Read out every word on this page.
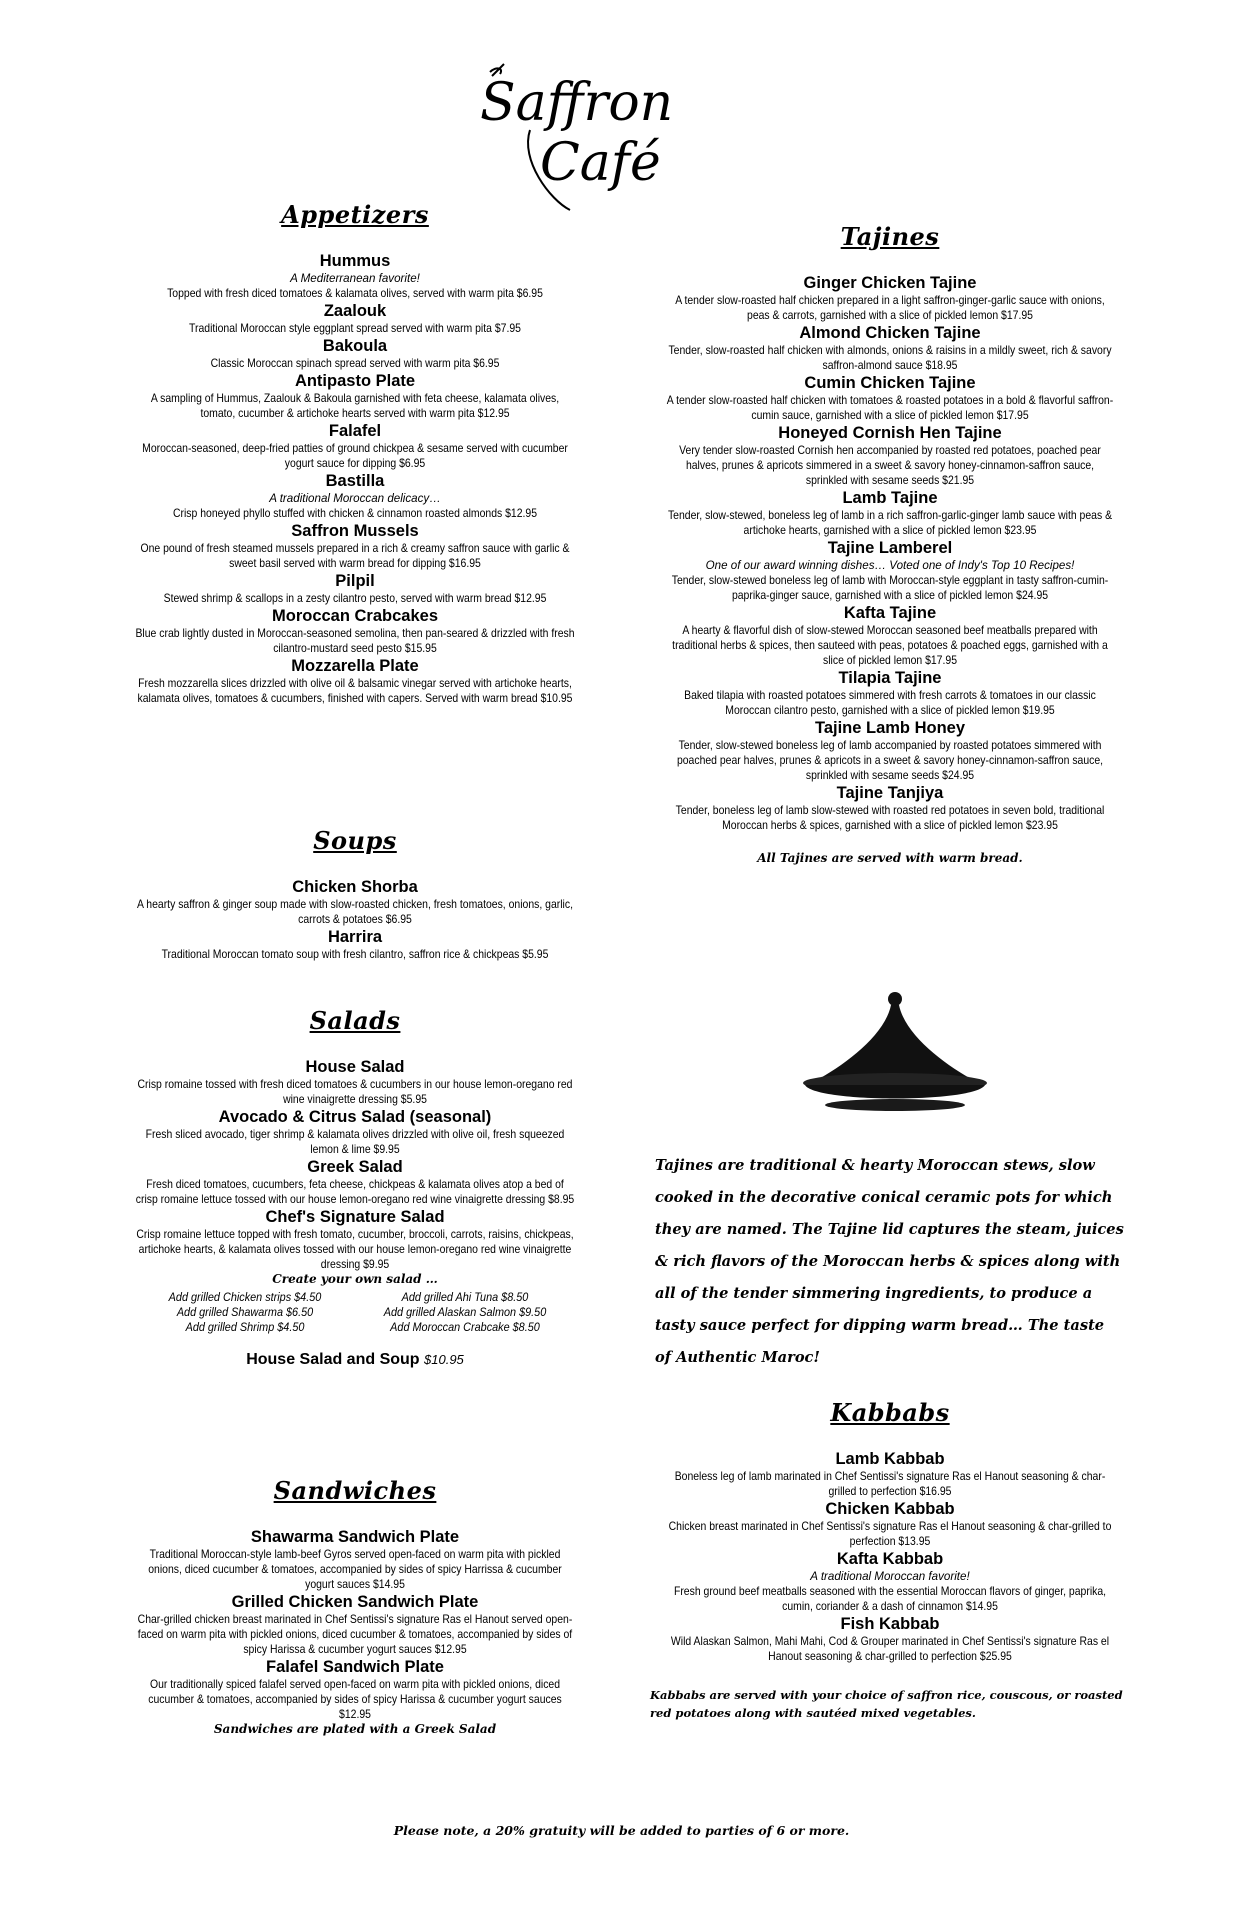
Saffron
Café

Appetizers

Hummus

A Mediterranean favorite!

Topped with fresh diced tomatoes & kalamata olives, served with warm pita $6.95

Zaalouk

Traditional Moroccan style eggplant spread served with warm pita $7.95

Bakoula

Classic Moroccan spinach spread served with warm pita $6.95

Antipasto Plate

A sampling of Hummus, Zaalouk & Bakoula garnished with feta cheese, kalamata olives, tomato, cucumber & artichoke hearts served with warm pita $12.95

Falafel

Moroccan-seasoned, deep-fried patties of ground chickpea & sesame served with cucumber yogurt sauce for dipping $6.95

Bastilla

A traditional Moroccan delicacy…

Crisp honeyed phyllo stuffed with chicken & cinnamon roasted almonds $12.95

Saffron Mussels

One pound of fresh steamed mussels prepared in a rich & creamy saffron sauce with garlic & sweet basil served with warm bread for dipping $16.95

Pilpil

Stewed shrimp & scallops in a zesty cilantro pesto, served with warm bread $12.95

Moroccan Crabcakes

Blue crab lightly dusted in Moroccan-seasoned semolina, then pan-seared & drizzled with fresh cilantro-mustard seed pesto $15.95

Mozzarella Plate

Fresh mozzarella slices drizzled with olive oil & balsamic vinegar served with artichoke hearts, kalamata olives, tomatoes & cucumbers, finished with capers. Served with warm bread $10.95

Soups

Chicken Shorba

A hearty saffron & ginger soup made with slow-roasted chicken, fresh tomatoes, onions, garlic, carrots & potatoes $6.95

Harrira

Traditional Moroccan tomato soup with fresh cilantro, saffron rice & chickpeas $5.95

Salads

House Salad

Crisp romaine tossed with fresh diced tomatoes & cucumbers in our house lemon-oregano red wine vinaigrette dressing $5.95

Avocado & Citrus Salad (seasonal)

Fresh sliced avocado, tiger shrimp & kalamata olives drizzled with olive oil, fresh squeezed lemon & lime $9.95

Greek Salad

Fresh diced tomatoes, cucumbers, feta cheese, chickpeas & kalamata olives atop a bed of crisp romaine lettuce tossed with our house lemon-oregano red wine vinaigrette dressing $8.95

Chef's Signature Salad

Crisp romaine lettuce topped with fresh tomato, cucumber, broccoli, carrots, raisins, chickpeas, artichoke hearts, & kalamata olives tossed with our house lemon-oregano red wine vinaigrette dressing $9.95

Create your own salad …

Add grilled Chicken strips $4.50	Add grilled Ahi Tuna $8.50
Add grilled Shawarma $6.50	Add grilled Alaskan Salmon $9.50
Add grilled Shrimp $4.50	Add Moroccan Crabcake $8.50

House Salad and Soup $10.95

Sandwiches

Shawarma Sandwich Plate

Traditional Moroccan-style lamb-beef Gyros served open-faced on warm pita with pickled onions, diced cucumber & tomatoes, accompanied by sides of spicy Harrissa & cucumber yogurt sauces $14.95

Grilled Chicken Sandwich Plate

Char-grilled chicken breast marinated in Chef Sentissi's signature Ras el Hanout served open-faced on warm pita with pickled onions, diced cucumber & tomatoes, accompanied by sides of spicy Harissa & cucumber yogurt sauces $12.95

Falafel Sandwich Plate

Our traditionally spiced falafel served open-faced on warm pita with pickled onions, diced cucumber & tomatoes, accompanied by sides of spicy Harissa & cucumber yogurt sauces $12.95

Sandwiches are plated with a Greek Salad

Tajines

Ginger Chicken Tajine

A tender slow-roasted half chicken prepared in a light saffron-ginger-garlic sauce with onions, peas & carrots, garnished with a slice of pickled lemon $17.95

Almond Chicken Tajine

Tender, slow-roasted half chicken with almonds, onions & raisins in a mildly sweet, rich & savory saffron-almond sauce $18.95

Cumin Chicken Tajine

A tender slow-roasted half chicken with tomatoes & roasted potatoes in a bold & flavorful saffron-cumin sauce, garnished with a slice of pickled lemon $17.95

Honeyed Cornish Hen Tajine

Very tender slow-roasted Cornish hen accompanied by roasted red potatoes, poached pear halves, prunes & apricots simmered in a sweet & savory honey-cinnamon-saffron sauce, sprinkled with sesame seeds $21.95

Lamb Tajine

Tender, slow-stewed, boneless leg of lamb in a rich saffron-garlic-ginger lamb sauce with peas & artichoke hearts, garnished with a slice of pickled lemon $23.95

Tajine Lamberel

One of our award winning dishes… Voted one of Indy's Top 10 Recipes!

Tender, slow-stewed boneless leg of lamb with Moroccan-style eggplant in tasty saffron-cumin-paprika-ginger sauce, garnished with a slice of pickled lemon $24.95

Kafta Tajine

A hearty & flavorful dish of slow-stewed Moroccan seasoned beef meatballs prepared with traditional herbs & spices, then sauteed with peas, potatoes & poached eggs, garnished with a slice of pickled lemon $17.95

Tilapia Tajine

Baked tilapia with roasted potatoes simmered with fresh carrots & tomatoes in our classic Moroccan cilantro pesto, garnished with a slice of pickled lemon $19.95

Tajine Lamb Honey

Tender, slow-stewed boneless leg of lamb accompanied by roasted potatoes simmered with poached pear halves, prunes & apricots in a sweet & savory honey-cinnamon-saffron sauce, sprinkled with sesame seeds $24.95

Tajine Tanjiya

Tender, boneless leg of lamb slow-stewed with roasted red potatoes in seven bold, traditional Moroccan herbs & spices, garnished with a slice of pickled lemon $23.95

All Tajines are served with warm bread.

Kabbabs

Lamb Kabbab

Boneless leg of lamb marinated in Chef Sentissi's signature Ras el Hanout seasoning & char-grilled to perfection $16.95

Chicken Kabbab

Chicken breast marinated in Chef Sentissi's signature Ras el Hanout seasoning & char-grilled to perfection $13.95

Kafta Kabbab

A traditional Moroccan favorite!

Fresh ground beef meatballs seasoned with the essential Moroccan flavors of ginger, paprika, cumin, coriander & a dash of cinnamon $14.95

Fish Kabbab

Wild Alaskan Salmon, Mahi Mahi, Cod & Grouper marinated in Chef Sentissi's signature Ras el Hanout seasoning & char-grilled to perfection $25.95

Kabbabs are served with your choice of saffron rice, couscous, or roasted red potatoes along with sautéed mixed vegetables.

Tajines are traditional & hearty Moroccan stews, slow cooked in the decorative conical ceramic pots for which they are named. The Tajine lid captures the steam, juices & rich flavors of the Moroccan herbs & spices along with all of the tender simmering ingredients, to produce a tasty sauce perfect for dipping warm bread… The taste of Authentic Maroc!

Please note, a 20% gratuity will be added to parties of 6 or more.
